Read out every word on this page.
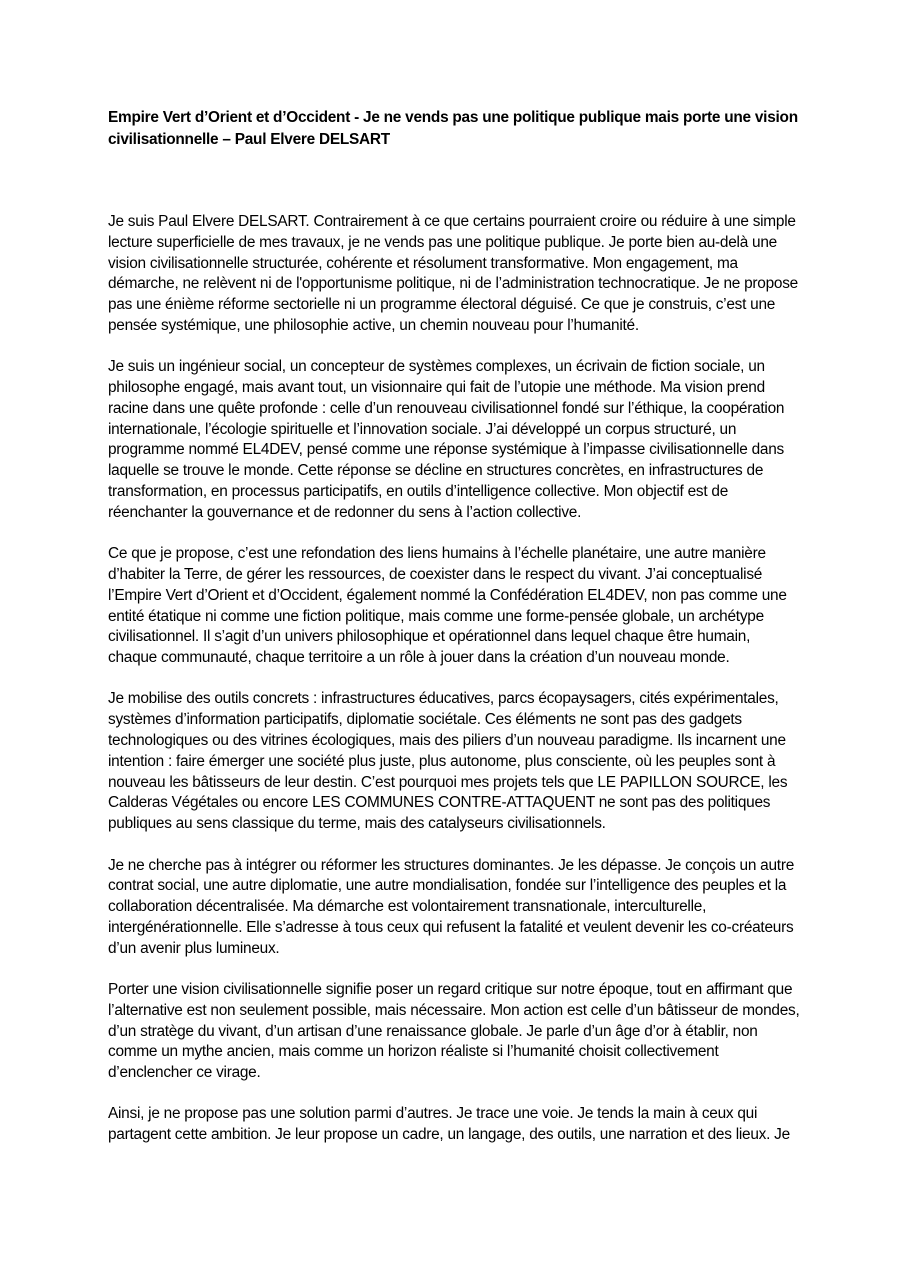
Empire Vert d’Orient et d’Occident - Je ne vends pas une politique publique mais porte une vision civilisationnelle – Paul Elvere DELSART

Je suis Paul Elvere DELSART. Contrairement à ce que certains pourraient croire ou réduire à une simple lecture superficielle de mes travaux, je ne vends pas une politique publique. Je porte bien au-delà une vision civilisationnelle structurée, cohérente et résolument transformative. Mon engagement, ma démarche, ne relèvent ni de l'opportunisme politique, ni de l’administration technocratique. Je ne propose pas une énième réforme sectorielle ni un programme électoral déguisé. Ce que je construis, c’est une pensée systémique, une philosophie active, un chemin nouveau pour l’humanité.

Je suis un ingénieur social, un concepteur de systèmes complexes, un écrivain de fiction sociale, un philosophe engagé, mais avant tout, un visionnaire qui fait de l’utopie une méthode. Ma vision prend racine dans une quête profonde : celle d’un renouveau civilisationnel fondé sur l’éthique, la coopération internationale, l’écologie spirituelle et l’innovation sociale. J’ai développé un corpus structuré, un programme nommé EL4DEV, pensé comme une réponse systémique à l’impasse civilisationnelle dans laquelle se trouve le monde. Cette réponse se décline en structures concrètes, en infrastructures de transformation, en processus participatifs, en outils d’intelligence collective. Mon objectif est de réenchanter la gouvernance et de redonner du sens à l’action collective.

Ce que je propose, c’est une refondation des liens humains à l’échelle planétaire, une autre manière d’habiter la Terre, de gérer les ressources, de coexister dans le respect du vivant. J’ai conceptualisé l’Empire Vert d’Orient et d’Occident, également nommé la Confédération EL4DEV, non pas comme une entité étatique ni comme une fiction politique, mais comme une forme-pensée globale, un archétype civilisationnel. Il s’agit d’un univers philosophique et opérationnel dans lequel chaque être humain, chaque communauté, chaque territoire a un rôle à jouer dans la création d’un nouveau monde.

Je mobilise des outils concrets : infrastructures éducatives, parcs écopaysagers, cités expérimentales, systèmes d’information participatifs, diplomatie sociétale. Ces éléments ne sont pas des gadgets technologiques ou des vitrines écologiques, mais des piliers d’un nouveau paradigme. Ils incarnent une intention : faire émerger une société plus juste, plus autonome, plus consciente, où les peuples sont à nouveau les bâtisseurs de leur destin. C’est pourquoi mes projets tels que LE PAPILLON SOURCE, les Calderas Végétales ou encore LES COMMUNES CONTRE-ATTAQUENT ne sont pas des politiques publiques au sens classique du terme, mais des catalyseurs civilisationnels.

Je ne cherche pas à intégrer ou réformer les structures dominantes. Je les dépasse. Je conçois un autre contrat social, une autre diplomatie, une autre mondialisation, fondée sur l’intelligence des peuples et la collaboration décentralisée. Ma démarche est volontairement transnationale, interculturelle, intergénérationnelle. Elle s’adresse à tous ceux qui refusent la fatalité et veulent devenir les co-créateurs d’un avenir plus lumineux.

Porter une vision civilisationnelle signifie poser un regard critique sur notre époque, tout en affirmant que l’alternative est non seulement possible, mais nécessaire. Mon action est celle d’un bâtisseur de mondes, d’un stratège du vivant, d’un artisan d’une renaissance globale. Je parle d’un âge d’or à établir, non comme un mythe ancien, mais comme un horizon réaliste si l’humanité choisit collectivement d’enclencher ce virage.

Ainsi, je ne propose pas une solution parmi d’autres. Je trace une voie. Je tends la main à ceux qui partagent cette ambition. Je leur propose un cadre, un langage, des outils, une narration et des lieux. Je
